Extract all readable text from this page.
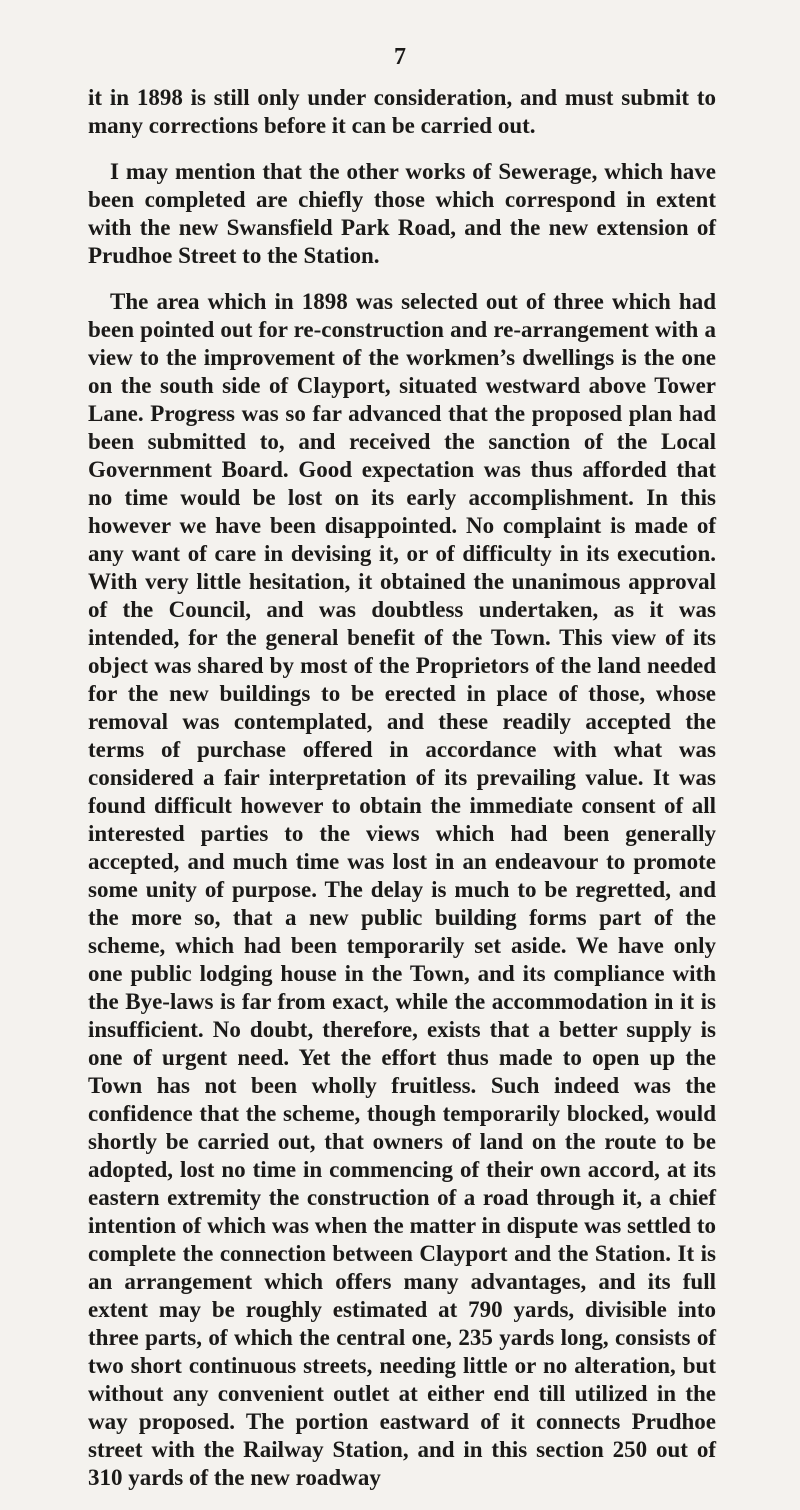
7

it in 1898 is still only under consideration, and must submit to many corrections before it can be carried out.

I may mention that the other works of Sewerage, which have been completed are chiefly those which correspond in extent with the new Swansfield Park Road, and the new extension of Prudhoe Street to the Station.

The area which in 1898 was selected out of three which had been pointed out for re-construction and re-arrangement with a view to the improvement of the workmen’s dwellings is the one on the south side of Clayport, situated westward above Tower Lane. Progress was so far advanced that the proposed plan had been submitted to, and received the sanction of the Local Government Board. Good expectation was thus afforded that no time would be lost on its early accomplishment. In this however we have been disappointed. No complaint is made of any want of care in devising it, or of difficulty in its execution. With very little hesitation, it obtained the unanimous approval of the Council, and was doubtless undertaken, as it was intended, for the general benefit of the Town. This view of its object was shared by most of the Proprietors of the land needed for the new buildings to be erected in place of those, whose removal was contemplated, and these readily accepted the terms of purchase offered in accordance with what was considered a fair interpretation of its prevailing value. It was found difficult however to obtain the immediate consent of all interested parties to the views which had been generally accepted, and much time was lost in an endeavour to promote some unity of purpose. The delay is much to be regretted, and the more so, that a new public building forms part of the scheme, which had been temporarily set aside. We have only one public lodging house in the Town, and its compliance with the Bye-laws is far from exact, while the accommodation in it is insufficient. No doubt, therefore, exists that a better supply is one of urgent need. Yet the effort thus made to open up the Town has not been wholly fruitless. Such indeed was the confidence that the scheme, though temporarily blocked, would shortly be carried out, that owners of land on the route to be adopted, lost no time in commencing of their own accord, at its eastern extremity the construction of a road through it, a chief intention of which was when the matter in dispute was settled to complete the connection between Clayport and the Station. It is an arrangement which offers many advantages, and its full extent may be roughly estimated at 790 yards, divisible into three parts, of which the central one, 235 yards long, consists of two short continuous streets, needing little or no alteration, but without any convenient outlet at either end till utilized in the way proposed. The portion eastward of it connects Prudhoe street with the Railway Station, and in this section 250 out of 310 yards of the new roadway
